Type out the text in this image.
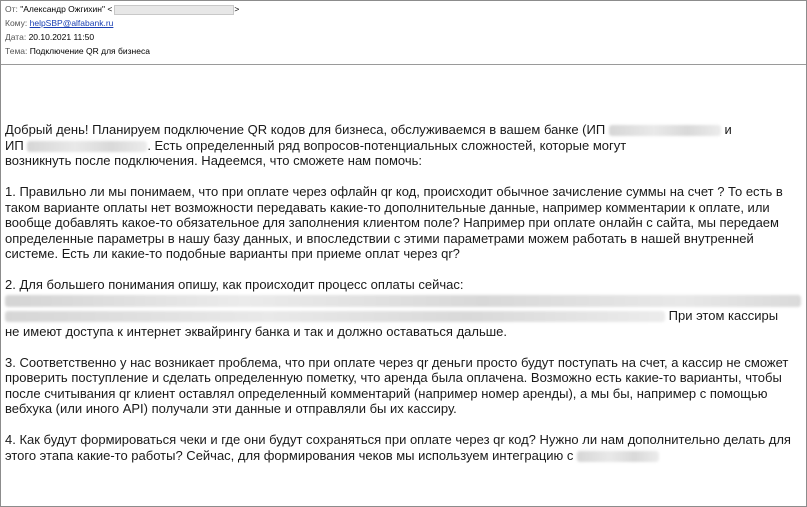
От: "Александр Ожгихин" <	>
Кому: helpSBP@alfabank.ru
Дата: 20.10.2021 11:50
Тема: Подключение QR для бизнеса

Добрый день! Планируем подключение QR кодов для бизнеса, обслуживаемся в вашем банке (ИП	и
ИП	. Есть определенный ряд вопросов-потенциальных сложностей, которые могут
возникнуть после подключения. Надеемся, что сможете нам помочь:

1. Правильно ли мы понимаем, что при оплате через офлайн qr код, происходит обычное зачисление суммы на счет ? То есть в таком варианте оплаты нет возможности передавать какие-то дополнительные данные, например комментарии к оплате, или вообще добавлять какое-то обязательное для заполнения клиентом поле? Например при оплате онлайн с сайта, мы передаем определенные параметры в нашу базу данных, и впоследствии с этими параметрами можем работать в нашей внутренней системе. Есть ли какие-то подобные варианты при приеме оплат через qr?

2. Для большего понимания опишу, как происходит процесс оплаты сейчас:
При этом кассиры
не имеют доступа к интернет эквайрингу банка и так и должно оставаться дальше.

3. Соответственно у нас возникает проблема, что при оплате через qr деньги просто будут поступать на счет, а кассир не сможет проверить поступление и сделать определенную пометку, что аренда была оплачена. Возможно есть какие-то варианты, чтобы после считывания qr клиент оставлял определенный комментарий (например номер аренды), а мы бы, например с помощью вебхука (или иного API) получали эти данные и отправляли бы их кассиру.

4. Как будут формироваться чеки и где они будут сохраняться при оплате через qr код? Нужно ли нам дополнительно делать для этого этапа какие-то работы? Сейчас, для формирования чеков мы используем интеграцию с
